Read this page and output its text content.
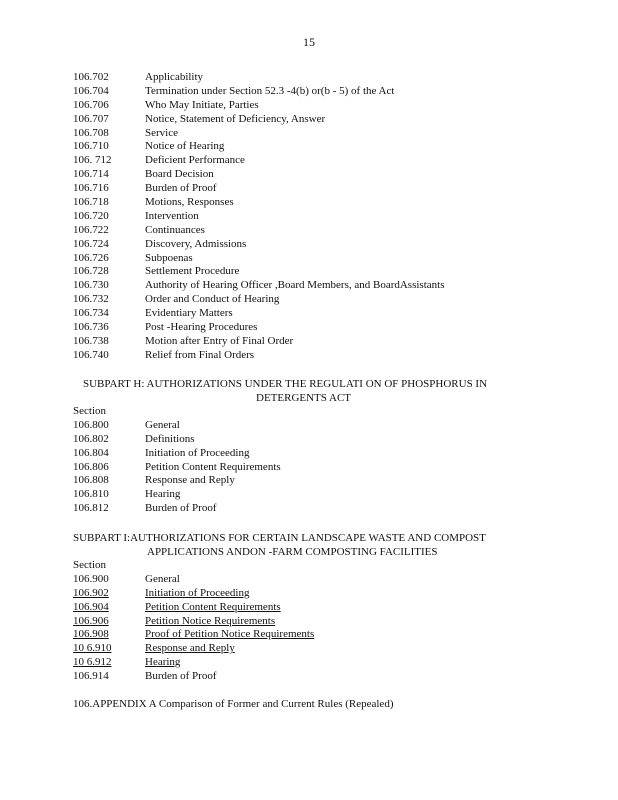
15
106.702	Applicability
106.704	Termination under Section 52.3 -4(b) or(b - 5) of the Act
106.706	Who May Initiate, Parties
106.707	Notice, Statement of Deficiency, Answer
106.708	Service
106.710	Notice of Hearing
106. 712	Deficient Performance
106.714	Board Decision
106.716	Burden of Proof
106.718	Motions, Responses
106.720	Intervention
106.722	Continuances
106.724	Discovery, Admissions
106.726	Subpoenas
106.728	Settlement Procedure
106.730	Authority of Hearing Officer ,Board Members, and BoardAssistants
106.732	Order and Conduct of Hearing
106.734	Evidentiary Matters
106.736	Post -Hearing Procedures
106.738	Motion after Entry of Final Order
106.740	Relief from Final Orders
SUBPART H: AUTHORIZATIONS UNDER THE REGULATI ON OF PHOSPHORUS IN
DETERGENTS ACT
Section
106.800	General
106.802	Definitions
106.804	Initiation of Proceeding
106.806	Petition Content Requirements
106.808	Response and Reply
106.810	Hearing
106.812	Burden of Proof
SUBPART I:AUTHORIZATIONS FOR CERTAIN LANDSCAPE WASTE AND COMPOST
APPLICATIONS ANDON -FARM COMPOSTING FACILITIES
Section
106.900	General
106.902	Initiation of Proceeding
106.904	Petition Content Requirements
106.906	Petition Notice Requirements
106.908	Proof of Petition Notice Requirements
10 6.910	Response and Reply
10 6.912	Hearing
106.914	Burden of Proof
106.APPENDIX A Comparison of Former and Current Rules (Repealed)
